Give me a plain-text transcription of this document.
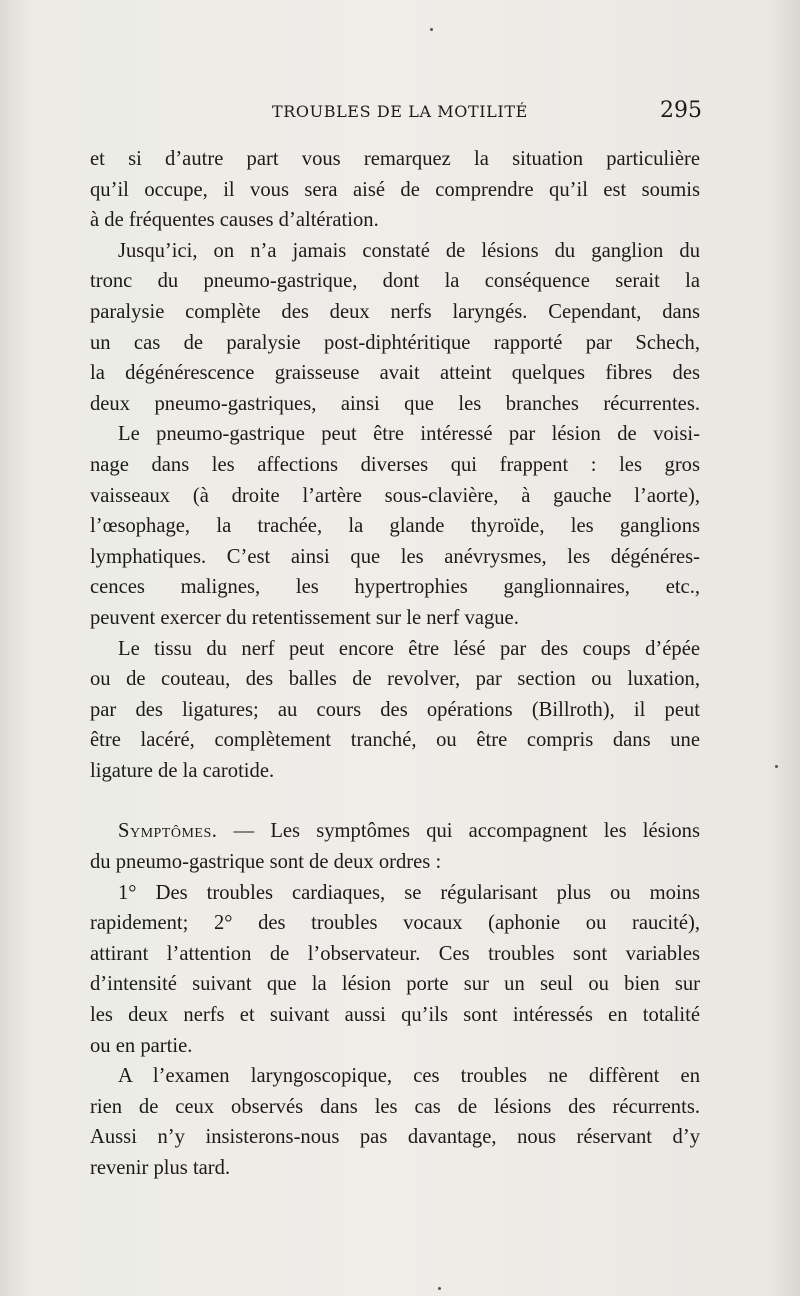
TROUBLES DE LA MOTILITÉ	295
et si d’autre part vous remarquez la situation particulière
qu’il occupe, il vous sera aisé de comprendre qu’il est soumis
à de fréquentes causes d’altération.
Jusqu’ici, on n’a jamais constaté de lésions du ganglion du
tronc du pneumo-gastrique, dont la conséquence serait la
paralysie complète des deux nerfs laryngés. Cependant, dans
un cas de paralysie post-diphtéritique rapporté par Schech,
la dégénérescence graisseuse avait atteint quelques fibres des
deux pneumo-gastriques, ainsi que les branches récurrentes.
Le pneumo-gastrique peut être intéressé par lésion de voisi-
nage dans les affections diverses qui frappent : les gros
vaisseaux (à droite l’artère sous-clavière, à gauche l’aorte),
l’œsophage, la trachée, la glande thyroïde, les ganglions
lymphatiques. C’est ainsi que les anévrysmes, les dégénéres-
cences malignes, les hypertrophies ganglionnaires, etc.,
peuvent exercer du retentissement sur le nerf vague.
Le tissu du nerf peut encore être lésé par des coups d’épée
ou de couteau, des balles de revolver, par section ou luxation,
par des ligatures; au cours des opérations (Billroth), il peut
être lacéré, complètement tranché, ou être compris dans une
ligature de la carotide.
Symptômes. — Les symptômes qui accompagnent les lésions
du pneumo-gastrique sont de deux ordres :
1° Des troubles cardiaques, se régularisant plus ou moins
rapidement; 2° des troubles vocaux (aphonie ou raucité),
attirant l’attention de l’observateur. Ces troubles sont variables
d’intensité suivant que la lésion porte sur un seul ou bien sur
les deux nerfs et suivant aussi qu’ils sont intéressés en totalité
ou en partie.
A l’examen laryngoscopique, ces troubles ne diffèrent en
rien de ceux observés dans les cas de lésions des récurrents.
Aussi n’y insisterons-nous pas davantage, nous réservant d’y
revenir plus tard.
